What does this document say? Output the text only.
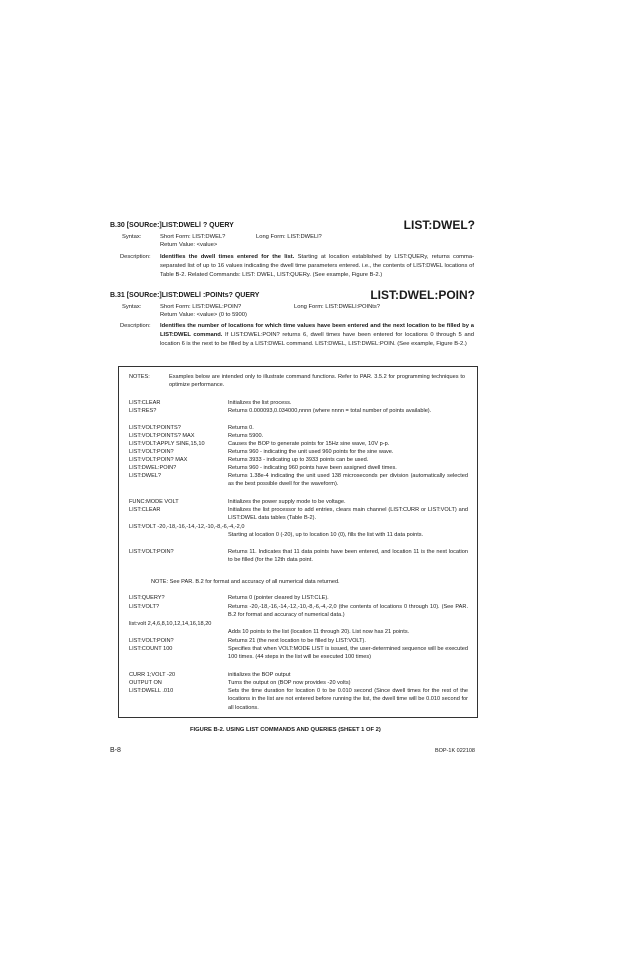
B.30 [SOURce:]LIST:DWELl ? QUERY	LIST:DWEL?
Syntax:	Short Form: LIST:DWEL?	Long Form: LIST:DWELl?
Return Value: <value>
Description: Identifies the dwell times entered for the list. Starting at location established by LIST:QUERy, returns comma-separated list of up to 16 values indicating the dwell time parameters entered. i.e., the contents of LIST:DWEL locations of Table B-2. Related Commands: LIST: DWEL, LIST:QUERy. (See example, Figure B-2.)
B.31 [SOURce:]LIST:DWELl :POINts? QUERY	LIST:DWEL:POIN?
Syntax:	Short Form: LIST:DWEL:POIN?	Long Form: LIST:DWELl:POINts?
Return Value: <value> (0 to 5900)
Description: Identifies the number of locations for which time values have been entered and the next location to be filled by a LIST:DWEL command. If LIST:DWEL:POIN? returns 6, dwell times have been entered for locations 0 through 5 and location 6 is the next to be filled by a LIST:DWEL command. LIST:DWEL, LIST:DWEL:POIN. (See example, Figure B-2.)
NOTES:	Examples below are intended only to illustrate command functions. Refer to PAR. 3.5.2 for programming techniques to optimize performance.
LIST:CLEAR	Initializes the list process.
LIST:RES?	Returns 0.000093,0.034000,nnnn (where nnnn = total number of points available).
LIST:VOLT:POINTS?	Returns 0.
LIST:VOLT:POINTS? MAX	Returns 5900.
LIST:VOLT:APPLY SINE,15,10	Causes the BOP to generate points for 15Hz sine wave, 10V p-p.
LIST:VOLT:POIN?	Returns 960 - indicating the unit used 960 points for the sine wave.
LIST:VOLT:POIN? MAX	Returns 3933 - indicating up to 3933 points can be used.
LIST:DWEL:POIN?	Returns 960 - indicating 960 points have been assigned dwell times.
LIST:DWEL?	Returns 1.38e-4 indicating the unit used 138 microseconds per division (automatically selected as the best possible dwell for the waveform).
FUNC:MODE VOLT	Initializes the power supply mode to be voltage.
LIST:CLEAR	Initializes the list processor to add entries, clears main channel (LIST:CURR or LIST:VOLT) and LIST:DWEL data tables (Table B-2).
LIST:VOLT -20,-18,-16,-14,-12,-10,-8,-6,-4,-2,0
Starting at location 0 (-20), up to location 10 (0), fills the list with 11 data points.
LIST:VOLT:POIN?	Returns 11. Indicates that 11 data points have been entered, and location 11 is the next location to be filled (for the 12th data point.
NOTE: See PAR. B.2 for format and accuracy of all numerical data returned.
LIST:QUERY?	Returns 0 (pointer cleared by LIST:CLE).
LIST:VOLT?	Returns -20,-18,-16,-14,-12,-10,-8,-6,-4,-2,0 (the contents of locations 0 through 10). (See PAR. B.2 for format and accuracy of numerical data.)
list:volt 2,4,6,8,10,12,14,16,18,20
Adds 10 points to the list (location 11 through 20). List now has 21 points.
LIST:VOLT:POIN?	Returns 21 (the next location to be filled by LIST:VOLT).
LIST:COUNT 100	Specifies that when VOLT:MODE LIST is issued, the user-determined sequence will be executed 100 times. (44 steps in the list will be executed 100 times)
CURR 1;VOLT -20	initializes the BOP output
OUTPUT ON	Turns the output on (BOP now provides -20 volts)
LIST:DWELL .010	Sets the time duration for location 0 to be 0.010 second (Since dwell times for the rest of the locations in the list are not entered before running the list, the dwell time will be 0.010 second for all locations.
FIGURE B-2. USING LIST COMMANDS AND QUERIES (SHEET 1 OF 2)
B-8	BOP-1K 022108
